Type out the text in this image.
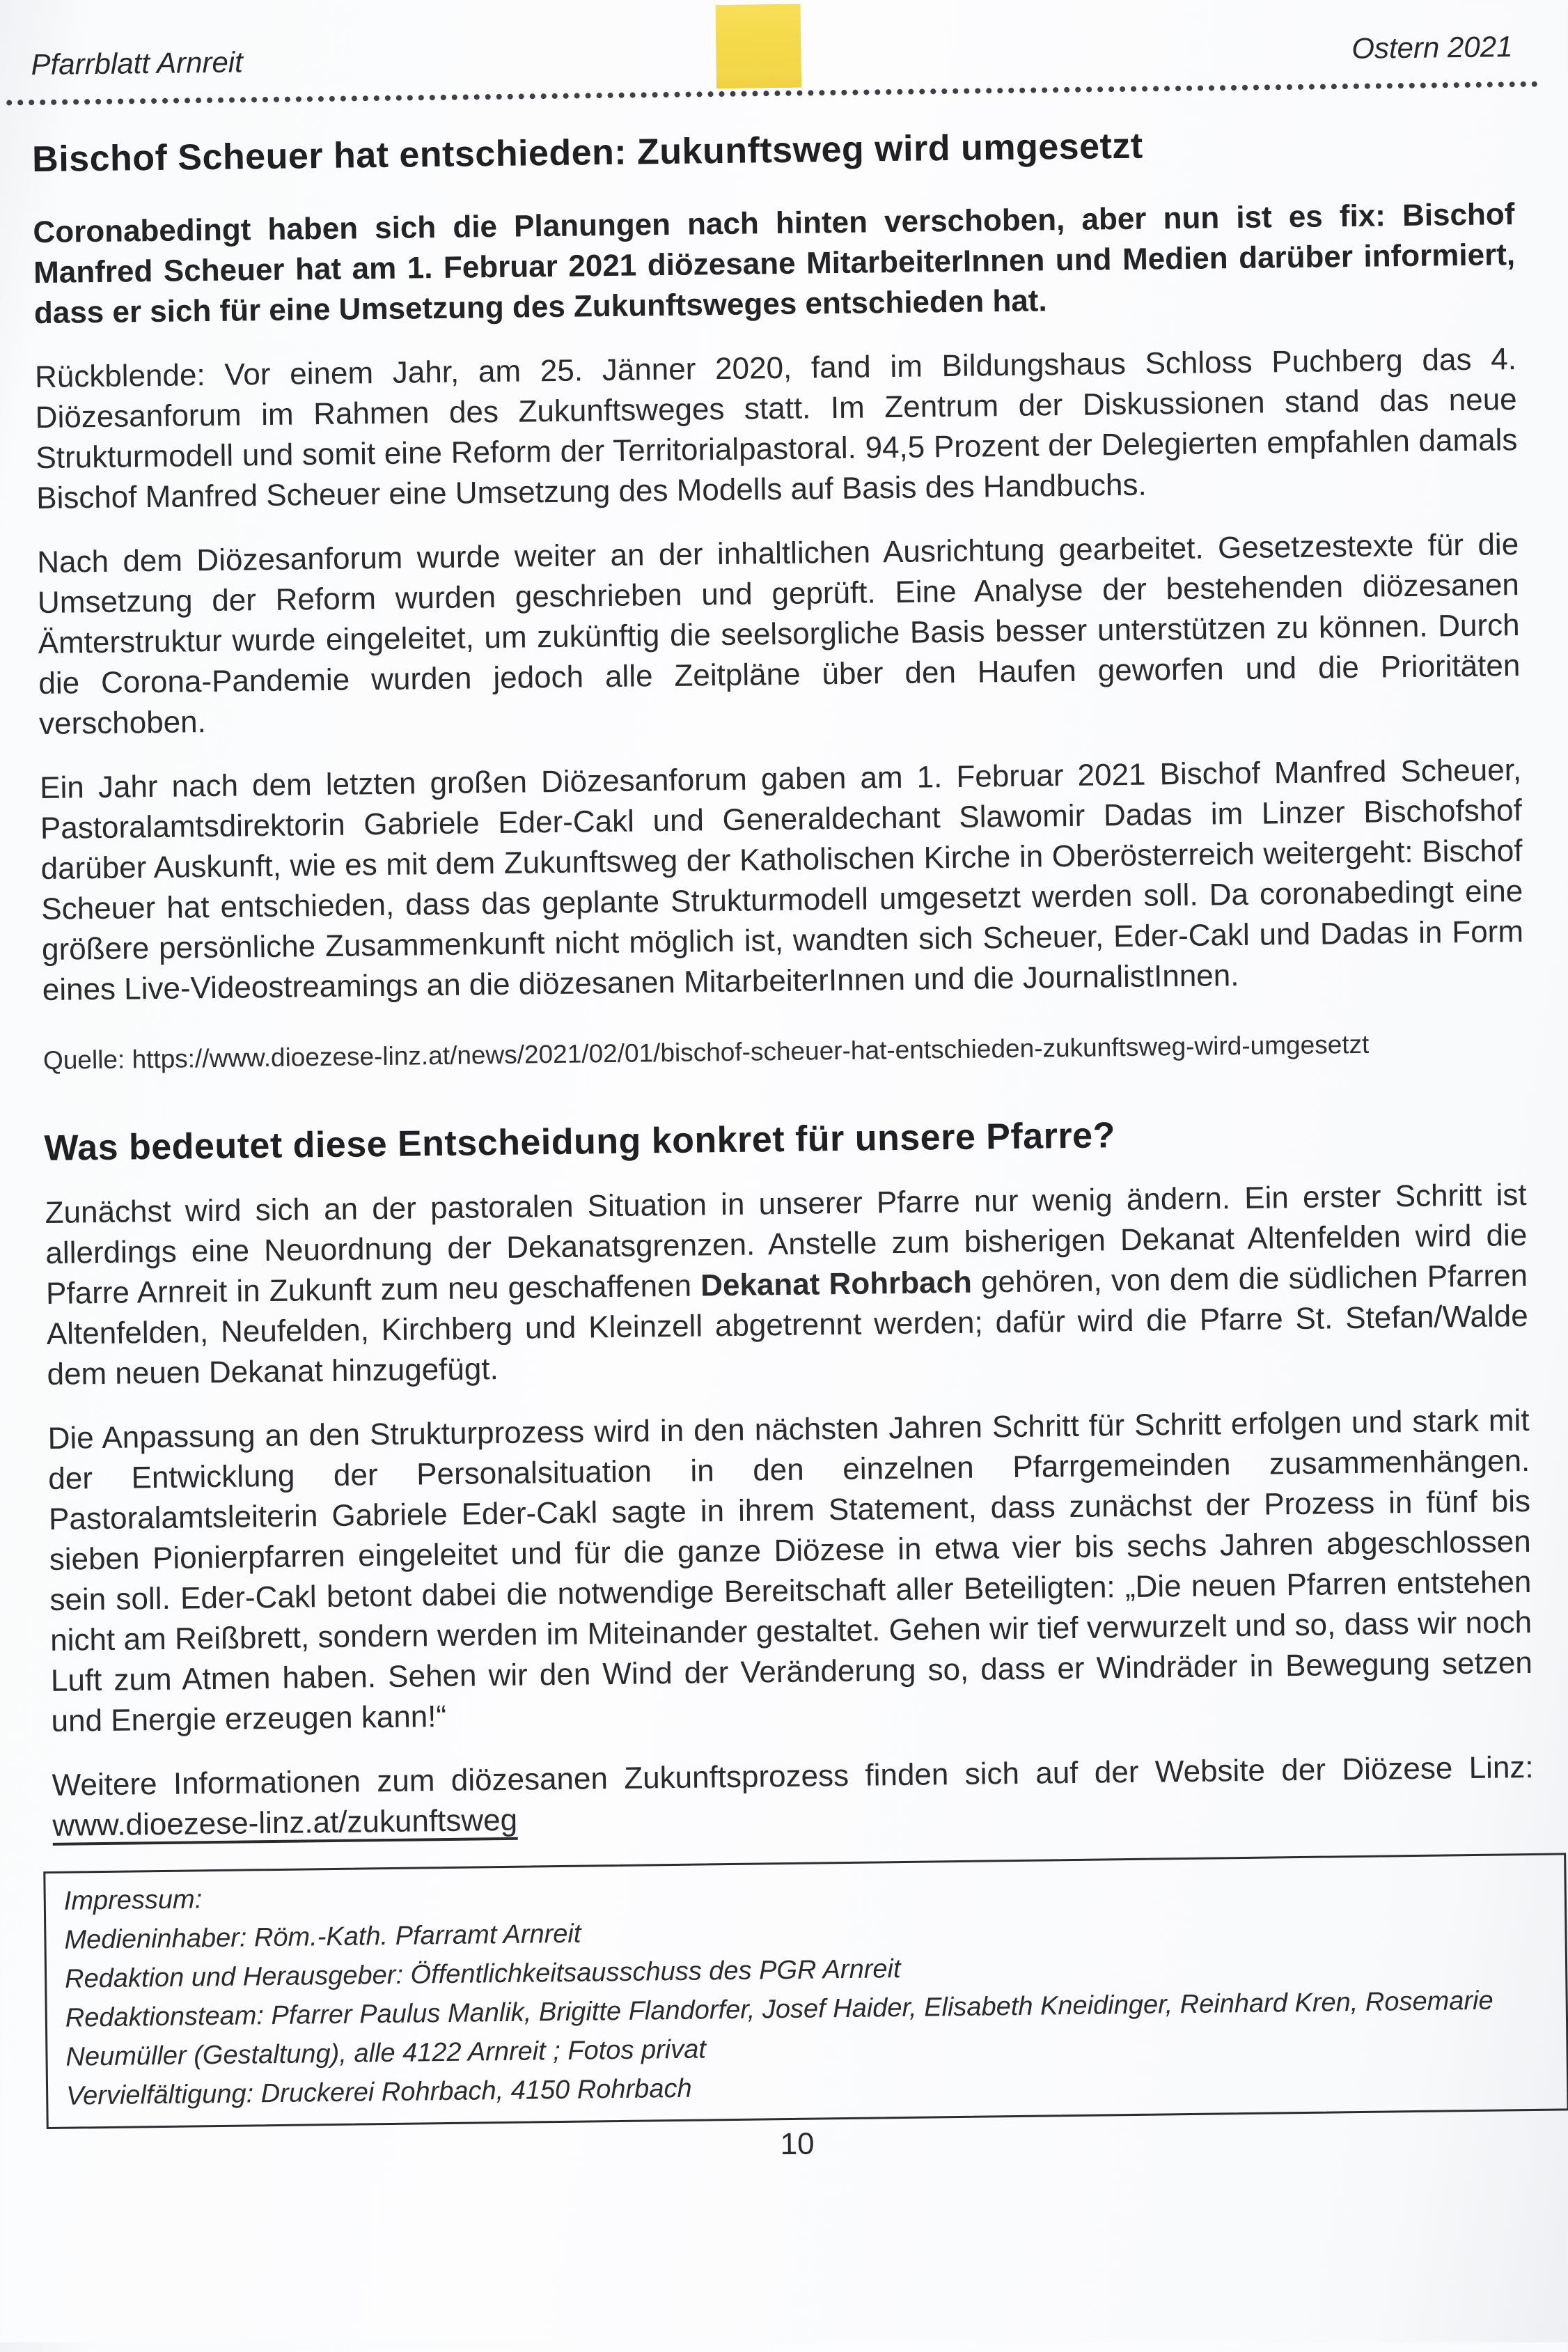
Pfarrblatt Arnreit	Ostern 2021
Bischof Scheuer hat entschieden: Zukunftsweg wird umgesetzt

Coronabedingt haben sich die Planungen nach hinten verschoben, aber nun ist es fix: Bischof Manfred Scheuer hat am 1. Februar 2021 diözesane MitarbeiterInnen und Medien darüber informiert, dass er sich für eine Umsetzung des Zukunftsweges entschieden hat.

Rückblende: Vor einem Jahr, am 25. Jänner 2020, fand im Bildungshaus Schloss Puchberg das 4. Diözesanforum im Rahmen des Zukunftsweges statt. Im Zentrum der Diskussionen stand das neue Strukturmodell und somit eine Reform der Territorialpastoral. 94,5 Prozent der Delegierten empfahlen damals Bischof Manfred Scheuer eine Umsetzung des Modells auf Basis des Handbuchs.

Nach dem Diözesanforum wurde weiter an der inhaltlichen Ausrichtung gearbeitet. Gesetzestexte für die Umsetzung der Reform wurden geschrieben und geprüft. Eine Analyse der bestehenden diözesanen Ämterstruktur wurde eingeleitet, um zukünftig die seelsorgliche Basis besser unterstützen zu können. Durch die Corona-Pandemie wurden jedoch alle Zeitpläne über den Haufen geworfen und die Prioritäten verschoben.

Ein Jahr nach dem letzten großen Diözesanforum gaben am 1. Februar 2021 Bischof Manfred Scheuer, Pastoralamtsdirektorin Gabriele Eder-Cakl und Generaldechant Slawomir Dadas im Linzer Bischofshof darüber Auskunft, wie es mit dem Zukunftsweg der Katholischen Kirche in Oberösterreich weitergeht: Bischof Scheuer hat entschieden, dass das geplante Strukturmodell umgesetzt werden soll. Da coronabedingt eine größere persönliche Zusammenkunft nicht möglich ist, wandten sich Scheuer, Eder-Cakl und Dadas in Form eines Live-Videostreamings an die diözesanen MitarbeiterInnen und die JournalistInnen.

Quelle: https://www.dioezese-linz.at/news/2021/02/01/bischof-scheuer-hat-entschieden-zukunftsweg-wird-umgesetzt

Was bedeutet diese Entscheidung konkret für unsere Pfarre?

Zunächst wird sich an der pastoralen Situation in unserer Pfarre nur wenig ändern. Ein erster Schritt ist allerdings eine Neuordnung der Dekanatsgrenzen. Anstelle zum bisherigen Dekanat Altenfelden wird die Pfarre Arnreit in Zukunft zum neu geschaffenen Dekanat Rohrbach gehören, von dem die südlichen Pfarren Altenfelden, Neufelden, Kirchberg und Kleinzell abgetrennt werden; dafür wird die Pfarre St. Stefan/Walde dem neuen Dekanat hinzugefügt.

Die Anpassung an den Strukturprozess wird in den nächsten Jahren Schritt für Schritt erfolgen und stark mit der Entwicklung der Personalsituation in den einzelnen Pfarrgemeinden zusammenhängen. Pastoralamtsleiterin Gabriele Eder-Cakl sagte in ihrem Statement, dass zunächst der Prozess in fünf bis sieben Pionierpfarren eingeleitet und für die ganze Diözese in etwa vier bis sechs Jahren abgeschlossen sein soll. Eder-Cakl betont dabei die notwendige Bereitschaft aller Beteiligten: „Die neuen Pfarren entstehen nicht am Reißbrett, sondern werden im Miteinander gestaltet. Gehen wir tief verwurzelt und so, dass wir noch Luft zum Atmen haben. Sehen wir den Wind der Veränderung so, dass er Windräder in Bewegung setzen und Energie erzeugen kann!“

Weitere Informationen zum diözesanen Zukunftsprozess finden sich auf der Website der Diözese Linz: www.dioezese-linz.at/zukunftsweg

Impressum:
Medieninhaber: Röm.-Kath. Pfarramt Arnreit
Redaktion und Herausgeber: Öffentlichkeitsausschuss des PGR Arnreit
Redaktionsteam: Pfarrer Paulus Manlik, Brigitte Flandorfer, Josef Haider, Elisabeth Kneidinger, Reinhard Kren, Rosemarie Neumüller (Gestaltung), alle 4122 Arnreit ; Fotos privat
Vervielfältigung: Druckerei Rohrbach, 4150 Rohrbach
10
